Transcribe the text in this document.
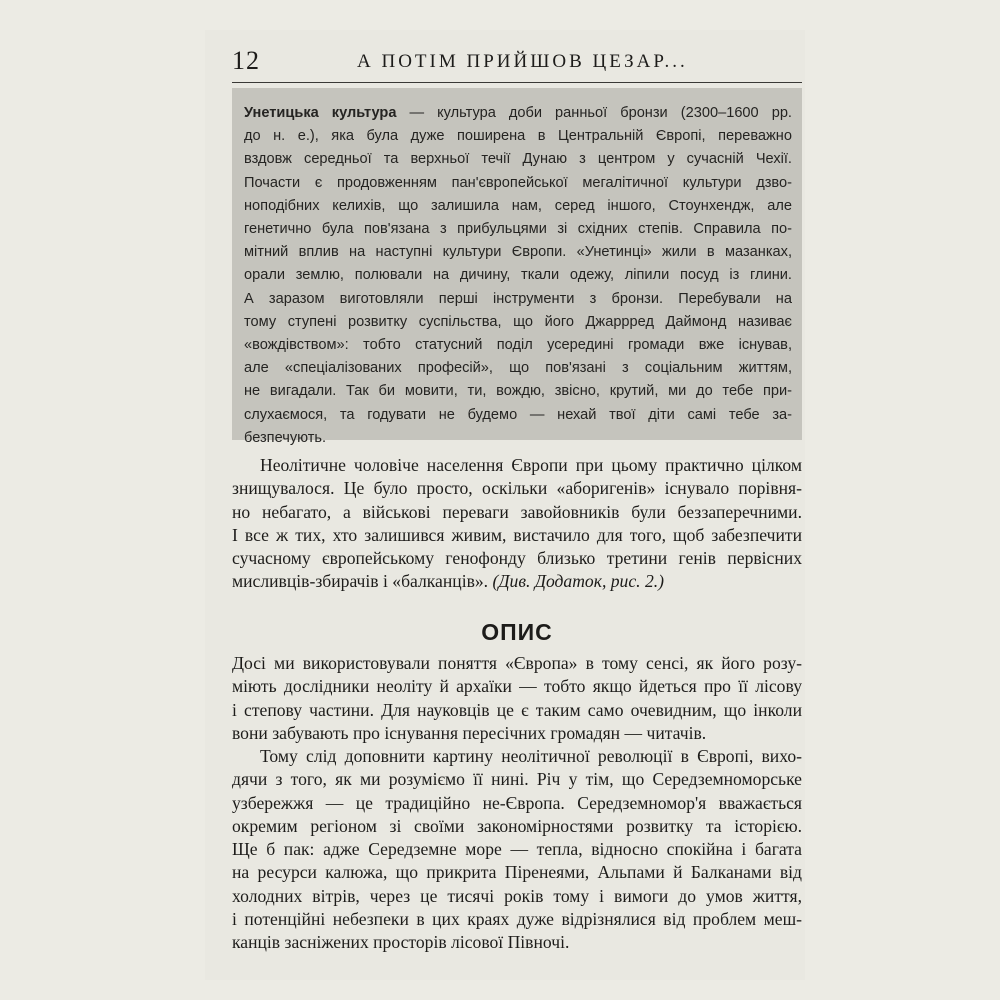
12	А ПОТІМ ПРИЙШОВ ЦЕЗАР...

Унетицька культура — культура доби ранньої бронзи (2300–1600 рр.
до н. е.), яка була дуже поширена в Центральній Європі, переважно
вздовж середньої та верхньої течії Дунаю з центром у сучасній Чехії.
Почасти є продовженням пан'європейської мегалітичної культури дзво-
ноподібних келихів, що залишила нам, серед іншого, Стоунхендж, але
генетично була пов'язана з прибульцями зі східних степів. Справила по-
мітний вплив на наступні культури Європи. «Унетинці» жили в мазанках,
орали землю, полювали на дичину, ткали одежу, ліпили посуд із глини.
А заразом виготовляли перші інструменти з бронзи. Перебували на
тому ступені розвитку суспільства, що його Джаррред Даймонд називає
«вождівством»: тобто статусний поділ усередині громади вже існував,
але «спеціалізованих професій», що пов'язані з соціальним життям,
не вигадали. Так би мовити, ти, вождю, звісно, крутий, ми до тебе при-
слухаємося, та годувати не будемо — нехай твої діти самі тебе за-
безпечують.

Неолітичне чоловіче населення Європи при цьому практично цілком
знищувалося. Це було просто, оскільки «аборигенів» існувало порівня-
но небагато, а військові переваги завойовників були беззаперечними.
І все ж тих, хто залишився живим, вистачило для того, щоб забезпечити
сучасному європейському генофонду близько третини генів первісних
мисливців-збирачів і «балканців». (Див. Додаток, рис. 2.)
ОПИС
Досі ми використовували поняття «Європа» в тому сенсі, як його розу-
міють дослідники неоліту й архаїки — тобто якщо йдеться про її лісову
і степову частини. Для науковців це є таким само очевидним, що інколи
вони забувають про існування пересічних громадян — читачів.
Тому слід доповнити картину неолітичної революції в Європі, вихо-
дячи з того, як ми розуміємо її нині. Річ у тім, що Середземноморське
узбережжя — це традиційно не-Європа. Середземномор'я вважається
окремим регіоном зі своїми закономірностями розвитку та історією.
Ще б пак: адже Середземне море — тепла, відносно спокійна і багата
на ресурси калюжа, що прикрита Піренеями, Альпами й Балканами від
холодних вітрів, через це тисячі років тому і вимоги до умов життя,
і потенційні небезпеки в цих краях дуже відрізнялися від проблем меш-
канців засніжених просторів лісової Півночі.
